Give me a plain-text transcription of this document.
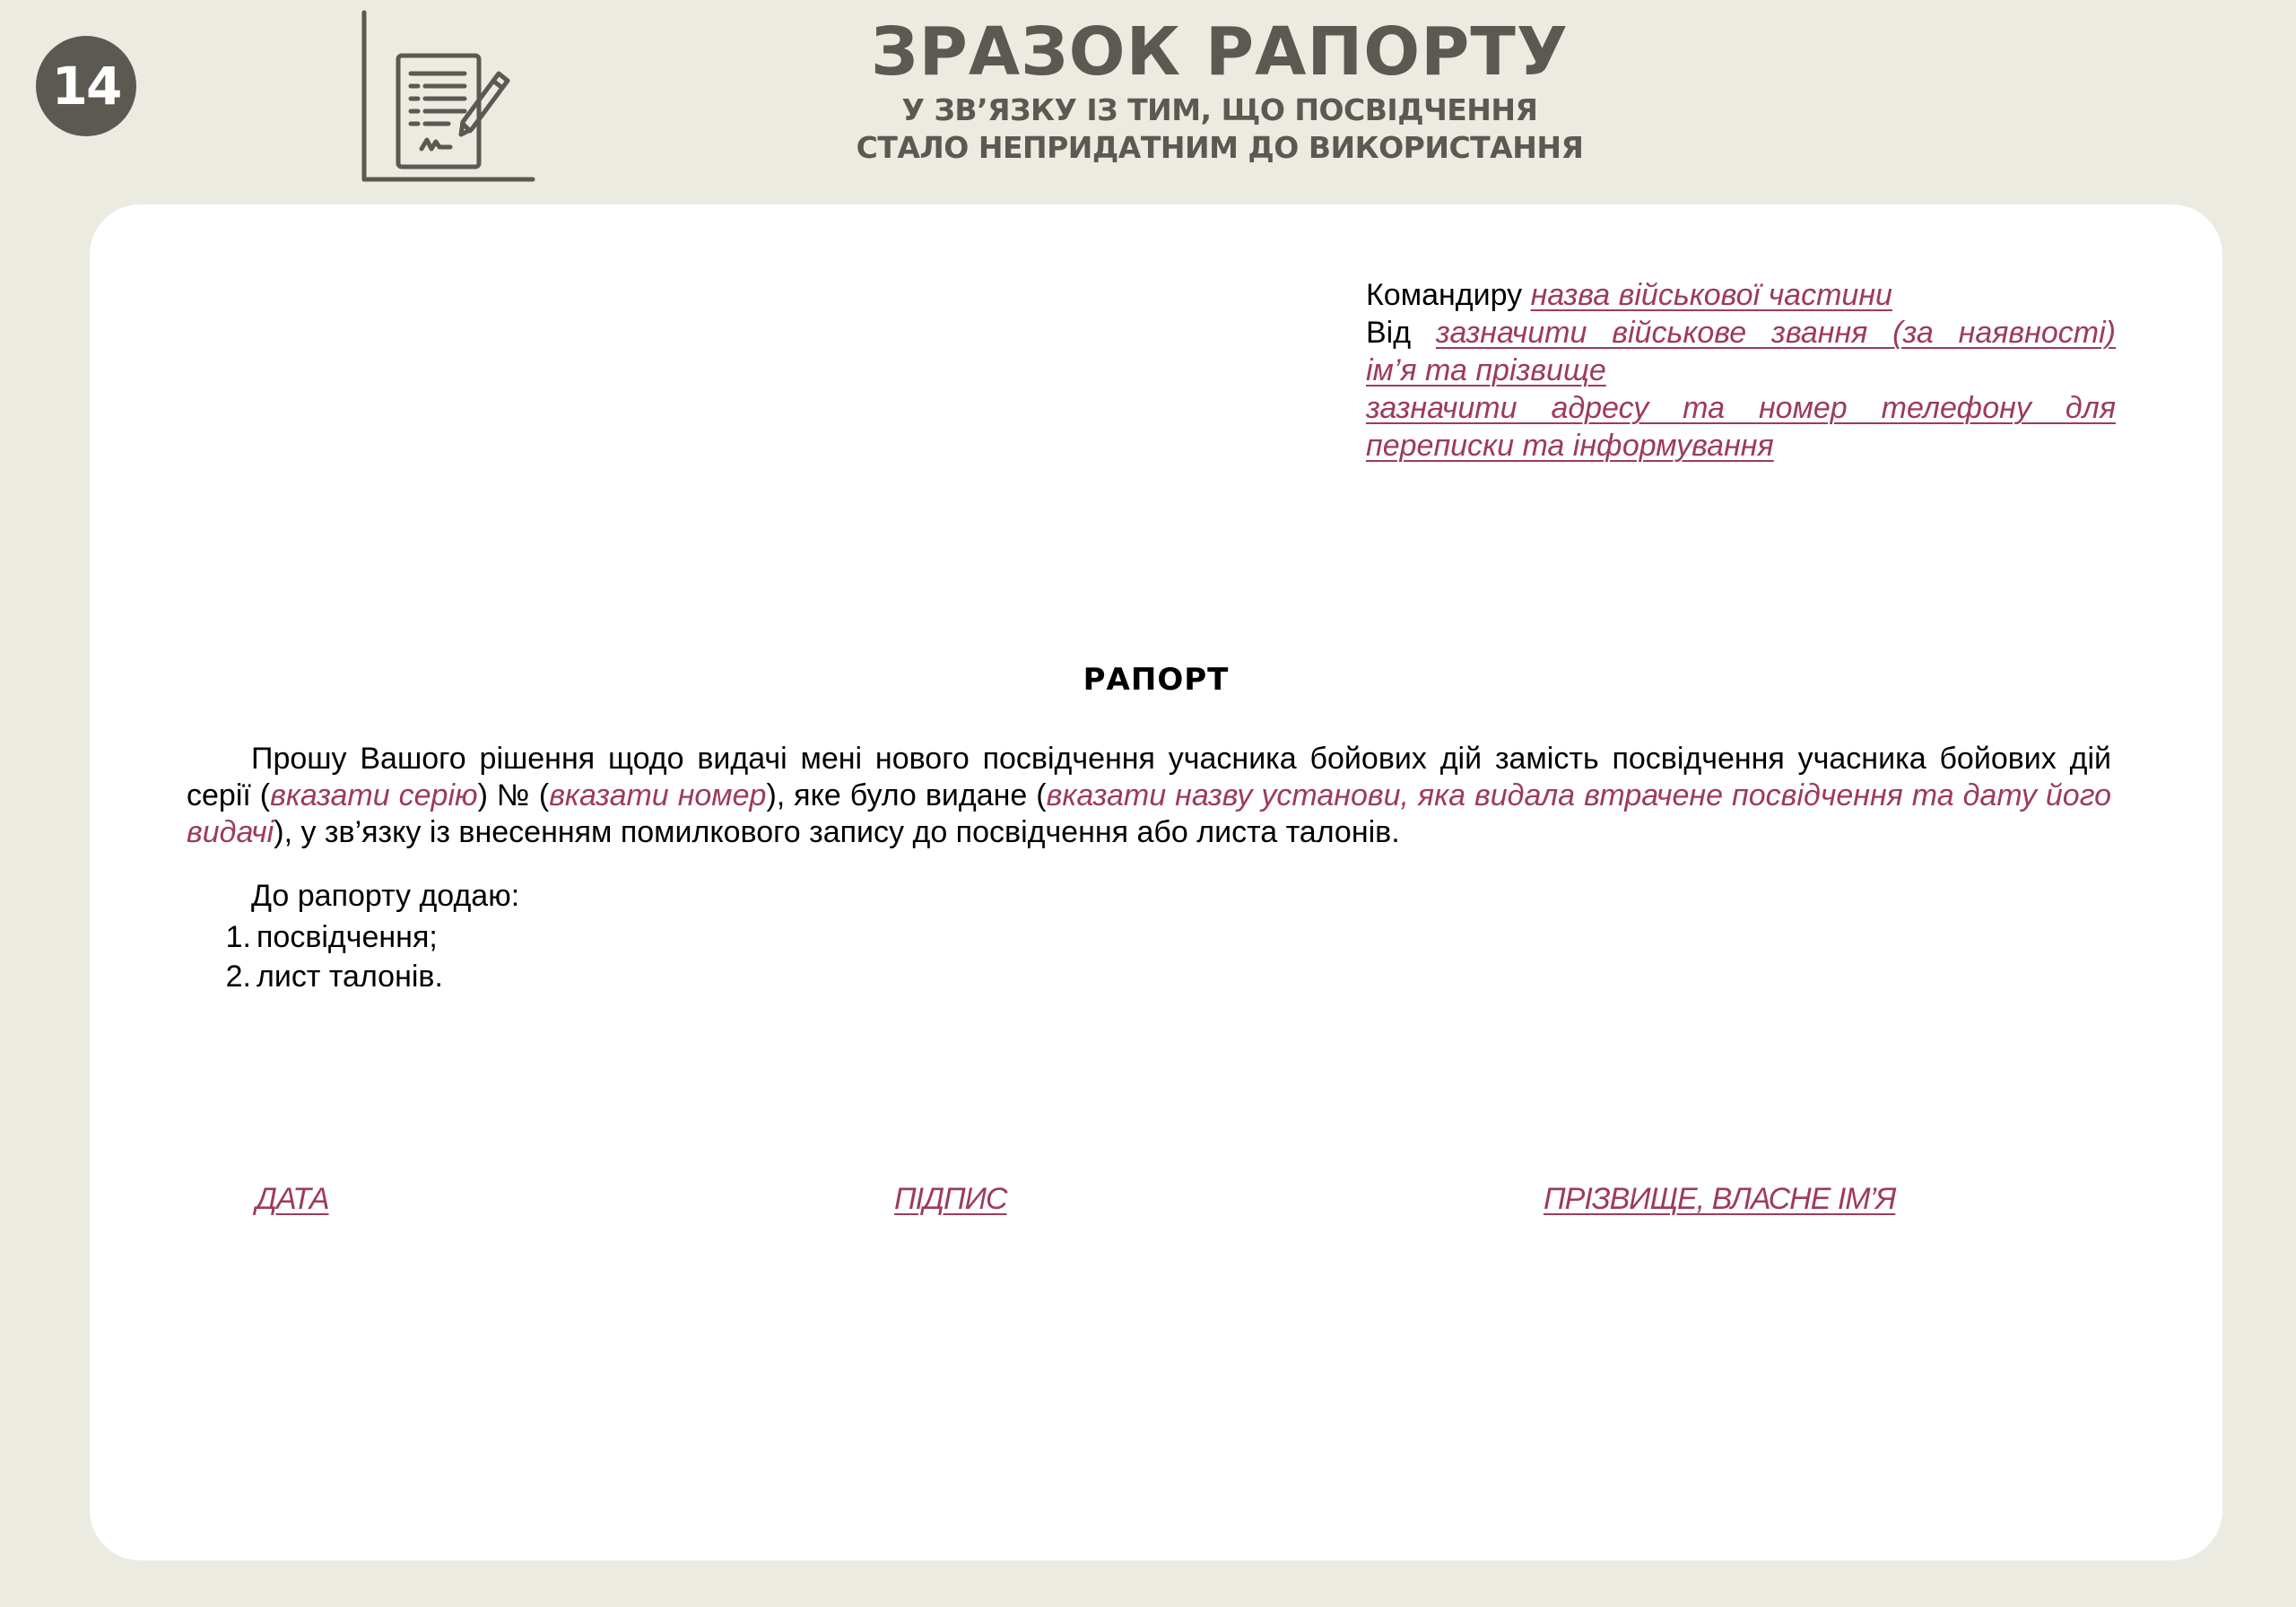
14	ЗРАЗОК РАПОРТУ
У ЗВ’ЯЗКУ ІЗ ТИМ, ЩО ПОСВІДЧЕННЯ
СТАЛО НЕПРИДАТНИМ ДО ВИКОРИСТАННЯ
Командиру назва військової частини
Від зазначити військове звання (за наявності)
ім’я та прізвище
зазначити адресу та номер телефону для
переписки та інформування
РАПОРТ
Прошу Вашого рішення щодо видачі мені нового посвідчення учасника бойових дій замість посвідчення учасника бойових дій серії (вказати серію) № (вказати номер), яке було видане (вказати назву установи, яка видала втрачене посвідчення та дату його видачі), у зв’язку із внесенням помилкового запису до посвідчення або листа талонів.
До рапорту додаю:
1. посвідчення;
2. лист талонів.
ДАТА	ПІДПИС	ПРІЗВИЩЕ, ВЛАСНЕ ІМ’Я
